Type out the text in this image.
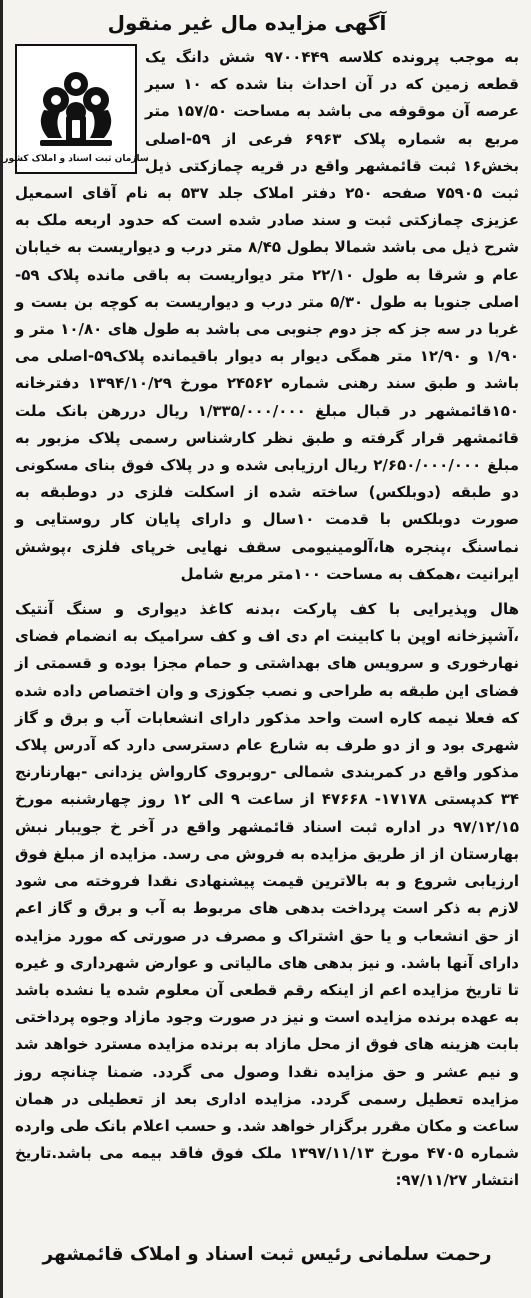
آگهی مزایده مال غیر منقول
سازمان ثبت اسناد و املاک کشور

به موجب پرونده کلاسه ۹۷۰۰۴۴۹ شش دانگ یک قطعه زمین که در آن احداث بنا شده که ۱۰ سیر عرصه آن موقوفه می باشد به مساحت ۱۵۷/۵۰ متر مربع به شماره پلاک ۶۹۶۳ فرعی از ۵۹-اصلی بخش۱۶ ثبت قائمشهر واقع در قریه چمازکتی ذیل ثبت ۷۵۹۰۵ صفحه ۲۵۰ دفتر املاک جلد ۵۳۷ به نام آقای اسمعیل عزیزی چمازکتی ثبت و سند صادر شده است که حدود اربعه ملک به شرح ذیل می باشد شمالا بطول ۸/۴۵ متر درب و دیواریست به خیابان عام و شرقا به طول ۲۲/۱۰ متر دیواریست به باقی مانده پلاک ۵۹-اصلی جنوبا به طول ۵/۳۰ متر درب و دیواریست به کوچه بن بست و غربا در سه جز که جز دوم جنوبی می باشد به طول های ۱۰/۸۰ متر و ۱/۹۰ و ۱۲/۹۰ متر همگی دیوار به دیوار باقیمانده پلاک۵۹-اصلی می باشد و طبق سند رهنی شماره ۲۴۵۶۲ مورخ ۱۳۹۴/۱۰/۲۹ دفترخانه ۱۵۰قائمشهر در قبال مبلغ ۱/۳۳۵/۰۰۰/۰۰۰ ریال دررهن بانک ملت قائمشهر قرار گرفته و طبق نظر کارشناس رسمی پلاک مزبور به مبلغ ۲/۶۵۰/۰۰۰/۰۰۰ ریال ارزیابی شده و در پلاک فوق بنای مسکونی دو طبقه (دوبلکس) ساخته شده از اسکلت فلزی در دوطبقه به صورت دوبلکس با قدمت ۱۰سال و دارای پایان کار روستایی و نماسنگ ،پنجره ها،آلومینیومی سقف نهایی خرپای فلزی ،پوشش ایرانیت ،همکف به مساحت ۱۰۰متر مربع شامل

هال وپذیرایی با کف پارکت ،بدنه کاغذ دیواری و سنگ آنتیک ،آشپزخانه اوپن با کابینت ام دی اف و کف سرامیک به انضمام فضای نهارخوری و سرویس های بهداشتی و حمام مجزا بوده و قسمتی از فضای این طبقه به طراحی و نصب جکوزی و وان اختصاص داده شده که فعلا نیمه کاره است واحد مذکور دارای انشعابات آب و برق و گاز شهری بود و از دو طرف به شارع عام دسترسی دارد که آدرس پلاک مذکور واقع در کمربندی شمالی -روبروی کارواش یزدانی -بهارنارنج ۳۴ کدپستی ۱۷۱۷۸- ۴۷۶۶۸ از ساعت ۹ الی ۱۲ روز چهارشنبه مورخ ۹۷/۱۲/۱۵ در اداره ثبت اسناد قائمشهر واقع در آخر خ جویبار نبش بهارستان از از طریق مزایده به فروش می رسد. مزایده از مبلغ فوق ارزیابی شروع و به بالاترین قیمت پیشنهادی نقدا فروخته می شود لازم به ذکر است پرداخت بدهی های مربوط به آب و برق و گاز اعم از حق انشعاب و یا حق اشتراک و مصرف در صورتی که مورد مزایده دارای آنها باشد. و نیز بدهی های مالیاتی و عوارض شهرداری و غیره تا تاریخ مزایده اعم از اینکه رقم قطعی آن معلوم شده یا نشده باشد به عهده برنده مزایده است و نیز در صورت وجود مازاد وجوه پرداختی بابت هزینه های فوق از محل مازاد به برنده مزایده مسترد خواهد شد و نیم عشر و حق مزایده نقدا وصول می گردد. ضمنا چنانچه روز مزایده تعطیل رسمی گردد. مزایده اداری بعد از تعطیلی در همان ساعت و مکان مقرر برگزار خواهد شد. و حسب اعلام بانک طی وارده شماره ۴۷۰۵ مورخ ۱۳۹۷/۱۱/۱۳ ملک فوق فاقد بیمه می باشد.تاریخ انتشار ۹۷/۱۱/۲۷:

رحمت سلمانی رئیس ثبت اسناد و املاک قائمشهر
